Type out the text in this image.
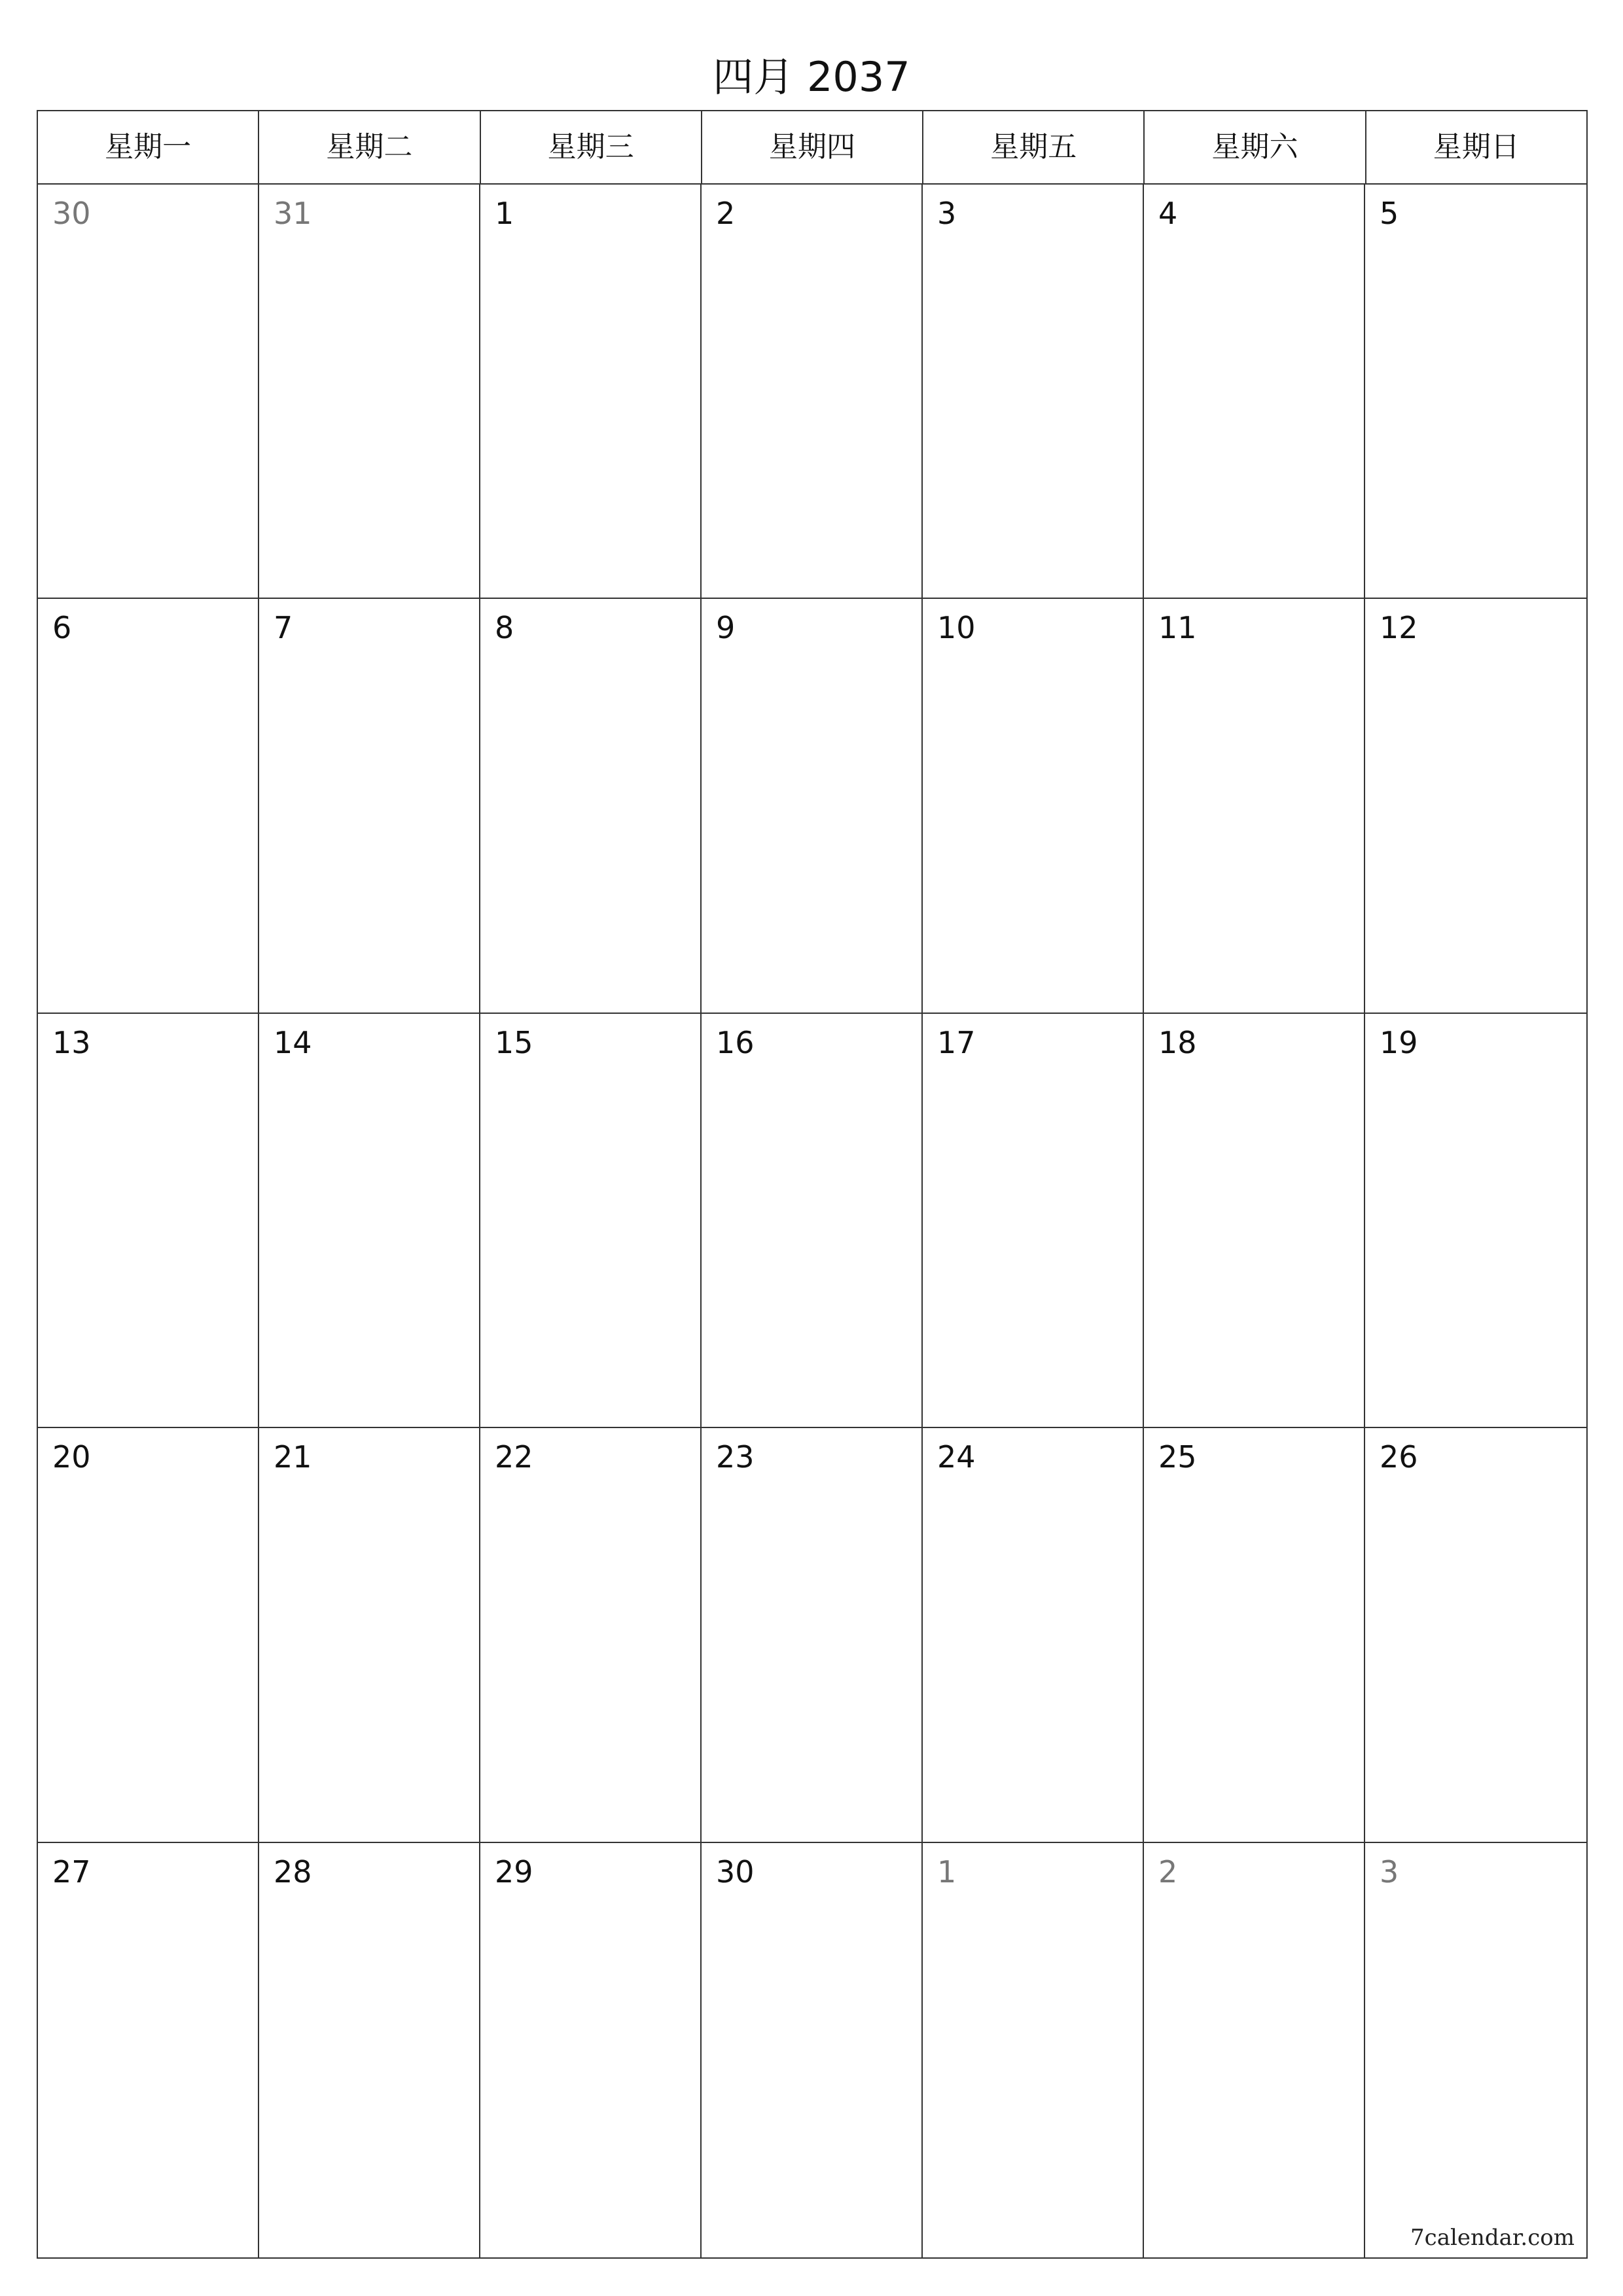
四月 2037
星期一	星期二	星期三	星期四	星期五	星期六	星期日
30	31	1	2	3	4	5
6	7	8	9	10	11	12
13	14	15	16	17	18	19
20	21	22	23	24	25	26
27	28	29	30	1	2	3
7calendar.com
